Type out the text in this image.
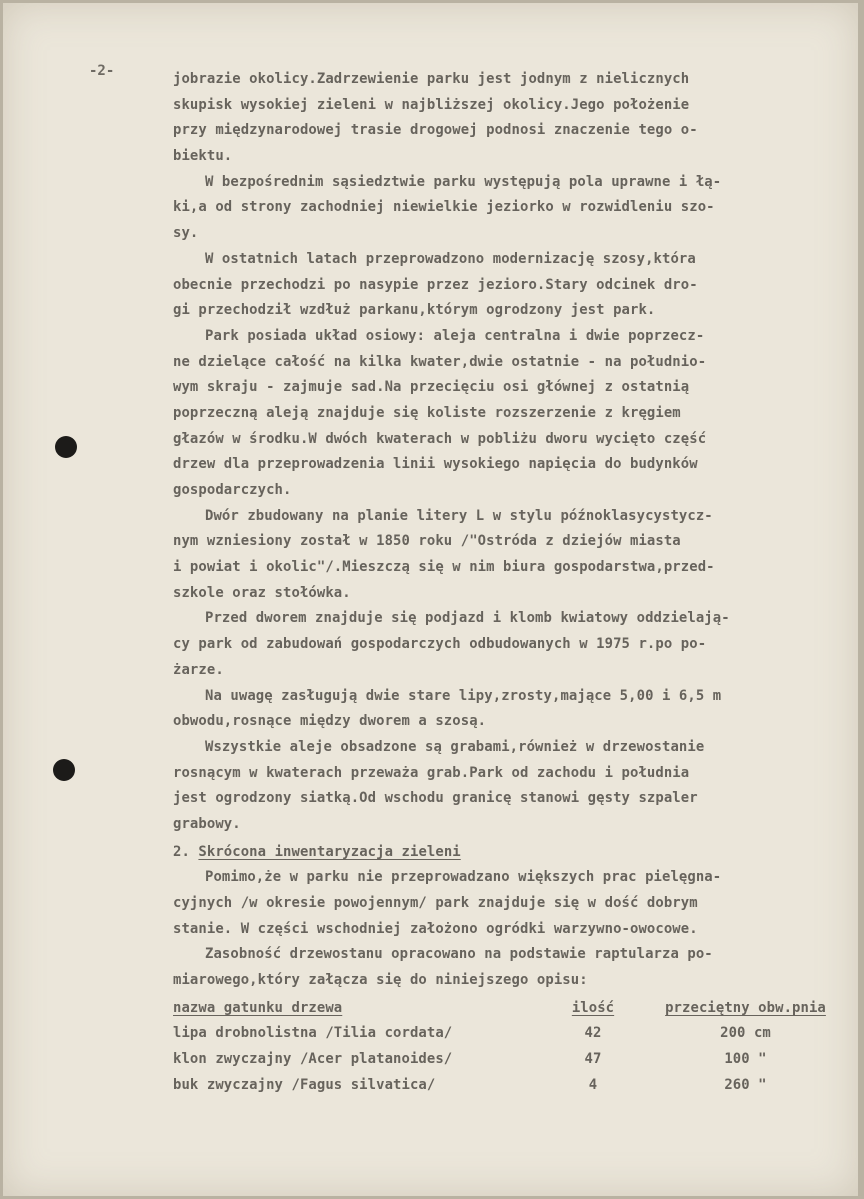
-2-	jobrazie okolicy.Zadrzewienie parku jest jodnym z nielicznych
skupisk wysokiej zieleni w najbliższej okolicy.Jego położenie
przy międzynarodowej trasie drogowej podnosi znaczenie tego o-
biektu.
W bezpośrednim sąsiedztwie parku występują pola uprawne i łą-
ki,a od strony zachodniej niewielkie jeziorko w rozwidleniu szo-
sy.
W ostatnich latach przeprowadzono modernizację szosy,która
obecnie przechodzi po nasypie przez jezioro.Stary odcinek dro-
gi przechodził wzdłuż parkanu,którym ogrodzony jest park.
Park posiada układ osiowy: aleja centralna i dwie poprzecz-
ne dzielące całość na kilka kwater,dwie ostatnie - na południo-
wym skraju - zajmuje sad.Na przecięciu osi głównej z ostatnią
poprzeczną aleją znajduje się koliste rozszerzenie z kręgiem
głazów w środku.W dwóch kwaterach w pobliżu dworu wycięto część
drzew dla przeprowadzenia linii wysokiego napięcia do budynków
gospodarczych.
Dwór zbudowany na planie litery L w stylu późnoklasycystycz-
nym wzniesiony został w 1850 roku /"Ostróda z dziejów miasta
i powiat i okolic"/.Mieszczą się w nim biura gospodarstwa,przed-
szkole oraz stołówka.
Przed dworem znajduje się podjazd i klomb kwiatowy oddzielają-
cy park od zabudowań gospodarczych odbudowanych w 1975 r.po po-
żarze.
Na uwagę zasługują dwie stare lipy,zrosty,mające 5,00 i 6,5 m
obwodu,rosnące między dworem a szosą.
Wszystkie aleje obsadzone są grabami,również w drzewostanie
rosnącym w kwaterach przeważa grab.Park od zachodu i południa
jest ogrodzony siatką.Od wschodu granicę stanowi gęsty szpaler
grabowy.
2. Skrócona inwentaryzacja zieleni
Pomimo,że w parku nie przeprowadzano większych prac pielęgna-
cyjnych /w okresie powojennym/ park znajduje się w dość dobrym
stanie. W części wschodniej założono ogródki warzywno-owocowe.
Zasobność drzewostanu opracowano na podstawie raptularza po-
miarowego,który załącza się do niniejszego opisu:
nazwa gatunku drzewa	ilość	przeciętny obw.pnia
lipa drobnolistna /Tilia cordata/	42	200 cm
klon zwyczajny /Acer platanoides/	47	100 "
buk zwyczajny /Fagus silvatica/	4	260 "
